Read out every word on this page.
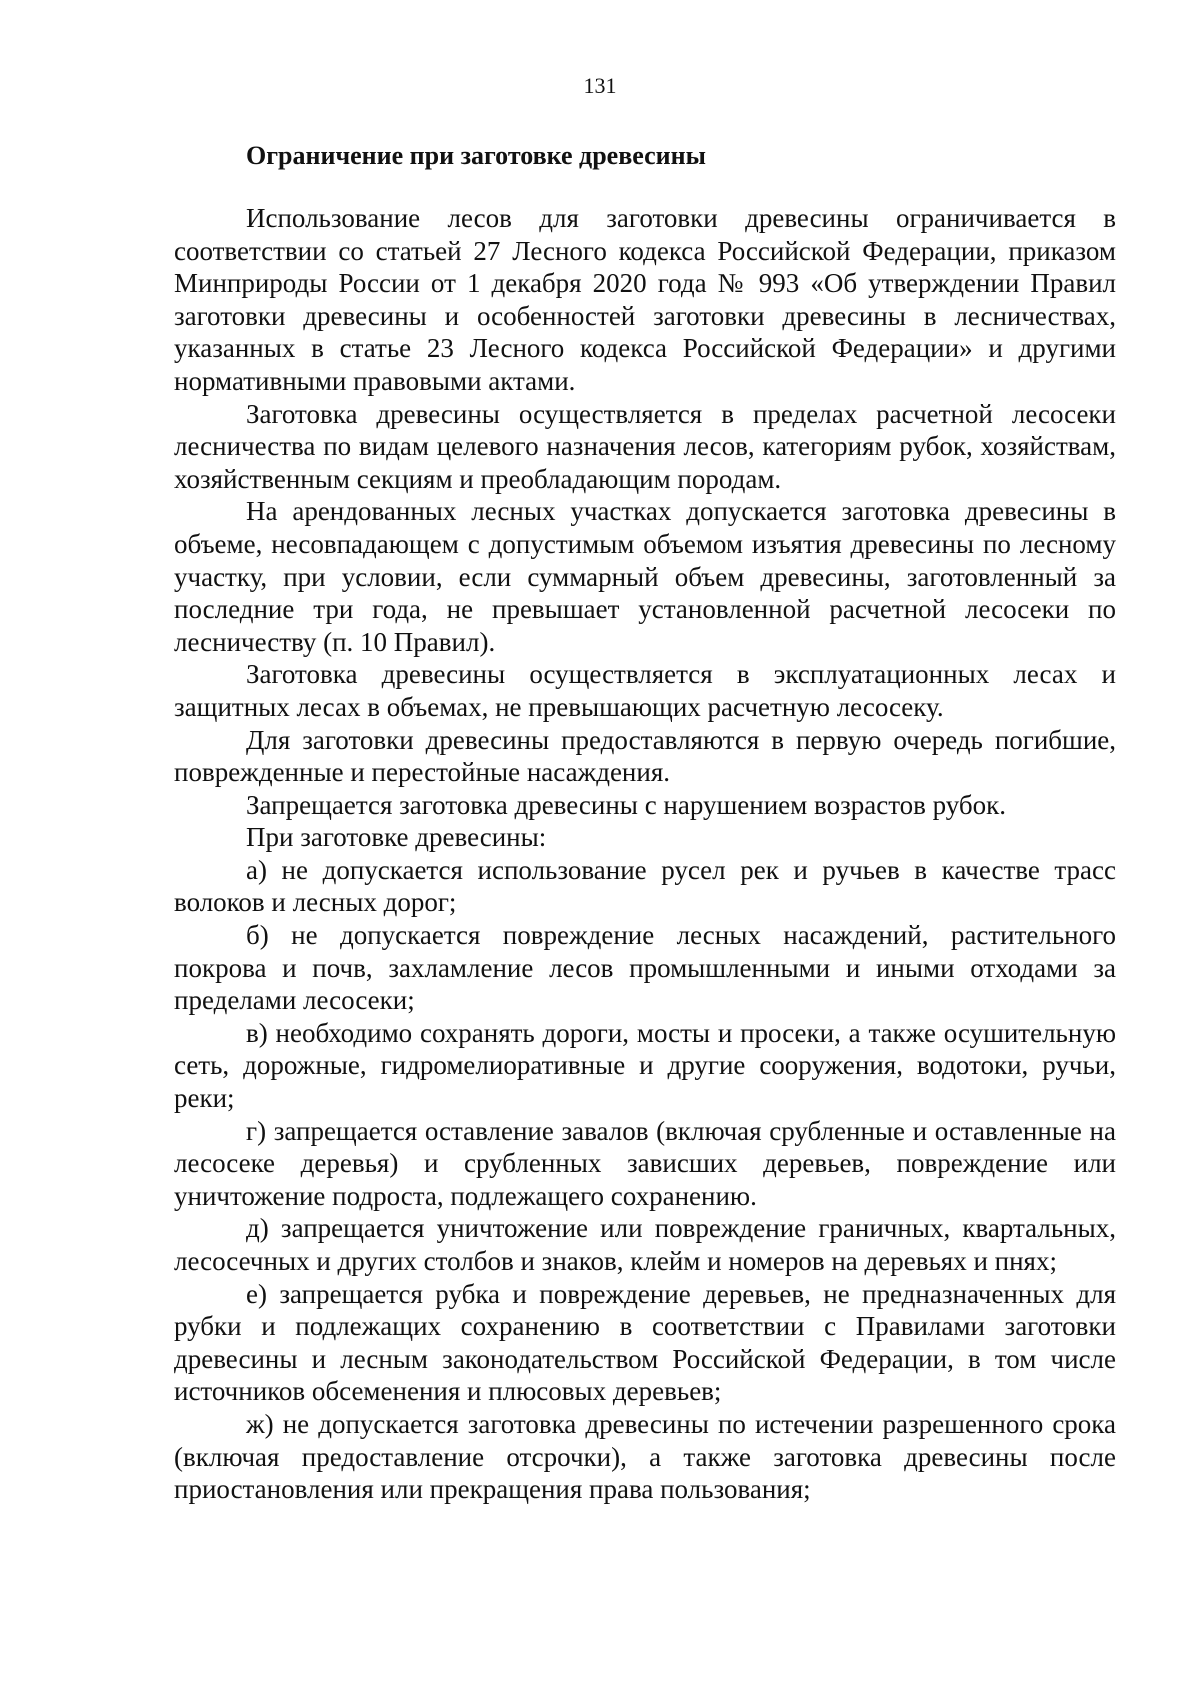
131
Ограничение при заготовке древесины

Использование лесов для заготовки древесины ограничивается в соответствии со статьей 27 Лесного кодекса Российской Федерации, приказом Минприроды России от 1 декабря 2020 года № 993 «Об утверждении Правил заготовки древесины и особенностей заготовки древесины в лесничествах, указанных в статье 23 Лесного кодекса Российской Федерации» и другими нормативными правовыми актами.

Заготовка древесины осуществляется в пределах расчетной лесосеки лесничества по видам целевого назначения лесов, категориям рубок, хозяйствам, хозяйственным секциям и преобладающим породам.

На арендованных лесных участках допускается заготовка древесины в объеме, несовпадающем с допустимым объемом изъятия древесины по лесному участку, при условии, если суммарный объем древесины, заготовленный за последние три года, не превышает установленной расчетной лесосеки по лесничеству (п. 10 Правил).

Заготовка древесины осуществляется в эксплуатационных лесах и защитных лесах в объемах, не превышающих расчетную лесосеку.

Для заготовки древесины предоставляются в первую очередь погибшие, поврежденные и перестойные насаждения.

Запрещается заготовка древесины с нарушением возрастов рубок.

При заготовке древесины:

а) не допускается использование русел рек и ручьев в качестве трасс волоков и лесных дорог;

б) не допускается повреждение лесных насаждений, растительного покрова и почв, захламление лесов промышленными и иными отходами за пределами лесосеки;

в) необходимо сохранять дороги, мосты и просеки, а также осушительную сеть, дорожные, гидромелиоративные и другие сооружения, водотоки, ручьи, реки;

г) запрещается оставление завалов (включая срубленные и оставленные на лесосеке деревья) и срубленных зависших деревьев, повреждение или уничтожение подроста, подлежащего сохранению.

д) запрещается уничтожение или повреждение граничных, квартальных, лесосечных и других столбов и знаков, клейм и номеров на деревьях и пнях;

е) запрещается рубка и повреждение деревьев, не предназначенных для рубки и подлежащих сохранению в соответствии с Правилами заготовки древесины и лесным законодательством Российской Федерации, в том числе источников обсеменения и плюсовых деревьев;

ж) не допускается заготовка древесины по истечении разрешенного срока (включая предоставление отсрочки), а также заготовка древесины после приостановления или прекращения права пользования;
